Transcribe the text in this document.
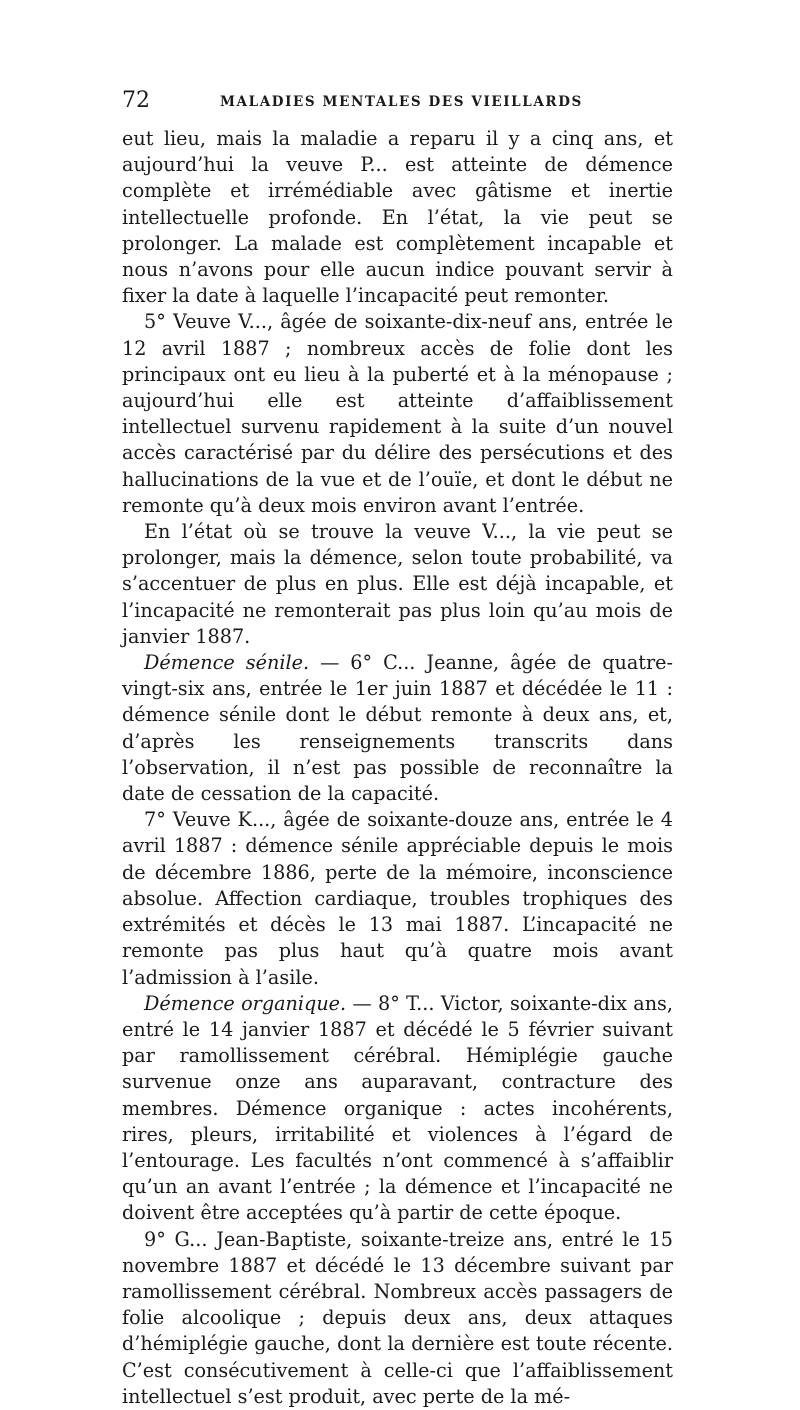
72	MALADIES MENTALES DES VIEILLARDS

eut lieu, mais la maladie a reparu il y a cinq ans, et aujourd’hui la veuve P... est atteinte de démence complète et irrémédiable avec gâtisme et inertie intellectuelle profonde. En l’état, la vie peut se prolonger. La malade est complètement incapable et nous n’avons pour elle aucun indice pouvant servir à fixer la date à laquelle l’incapacité peut remonter.

5° Veuve V..., âgée de soixante-dix-neuf ans, entrée le 12 avril 1887 ; nombreux accès de folie dont les principaux ont eu lieu à la puberté et à la ménopause ; aujourd’hui elle est atteinte d’affaiblissement intellectuel survenu rapidement à la suite d’un nouvel accès caractérisé par du délire des persécutions et des hallucinations de la vue et de l’ouïe, et dont le début ne remonte qu’à deux mois environ avant l’entrée.

En l’état où se trouve la veuve V..., la vie peut se prolonger, mais la démence, selon toute probabilité, va s’accentuer de plus en plus. Elle est déjà incapable, et l’incapacité ne remonterait pas plus loin qu’au mois de janvier 1887.

Démence sénile. — 6° C... Jeanne, âgée de quatre-vingt-six ans, entrée le 1er juin 1887 et décédée le 11 : démence sénile dont le début remonte à deux ans, et, d’après les renseignements transcrits dans l’observation, il n’est pas possible de reconnaître la date de cessation de la capacité.

7° Veuve K..., âgée de soixante-douze ans, entrée le 4 avril 1887 : démence sénile appréciable depuis le mois de décembre 1886, perte de la mémoire, inconscience absolue. Affection cardiaque, troubles trophiques des extrémités et décès le 13 mai 1887. L’incapacité ne remonte pas plus haut qu’à quatre mois avant l’admission à l’asile.

Démence organique. — 8° T... Victor, soixante-dix ans, entré le 14 janvier 1887 et décédé le 5 février suivant par ramollissement cérébral. Hémiplégie gauche survenue onze ans auparavant, contracture des membres. Démence organique : actes incohérents, rires, pleurs, irritabilité et violences à l’égard de l’entourage. Les facultés n’ont commencé à s’affaiblir qu’un an avant l’entrée ; la démence et l’incapacité ne doivent être acceptées qu’à partir de cette époque.

9° G... Jean-Baptiste, soixante-treize ans, entré le 15 novembre 1887 et décédé le 13 décembre suivant par ramollissement cérébral. Nombreux accès passagers de folie alcoolique ; depuis deux ans, deux attaques d’hémiplégie gauche, dont la dernière est toute récente. C’est consécutivement à celle-ci que l’affaiblissement intellectuel s’est produit, avec perte de la mé-
